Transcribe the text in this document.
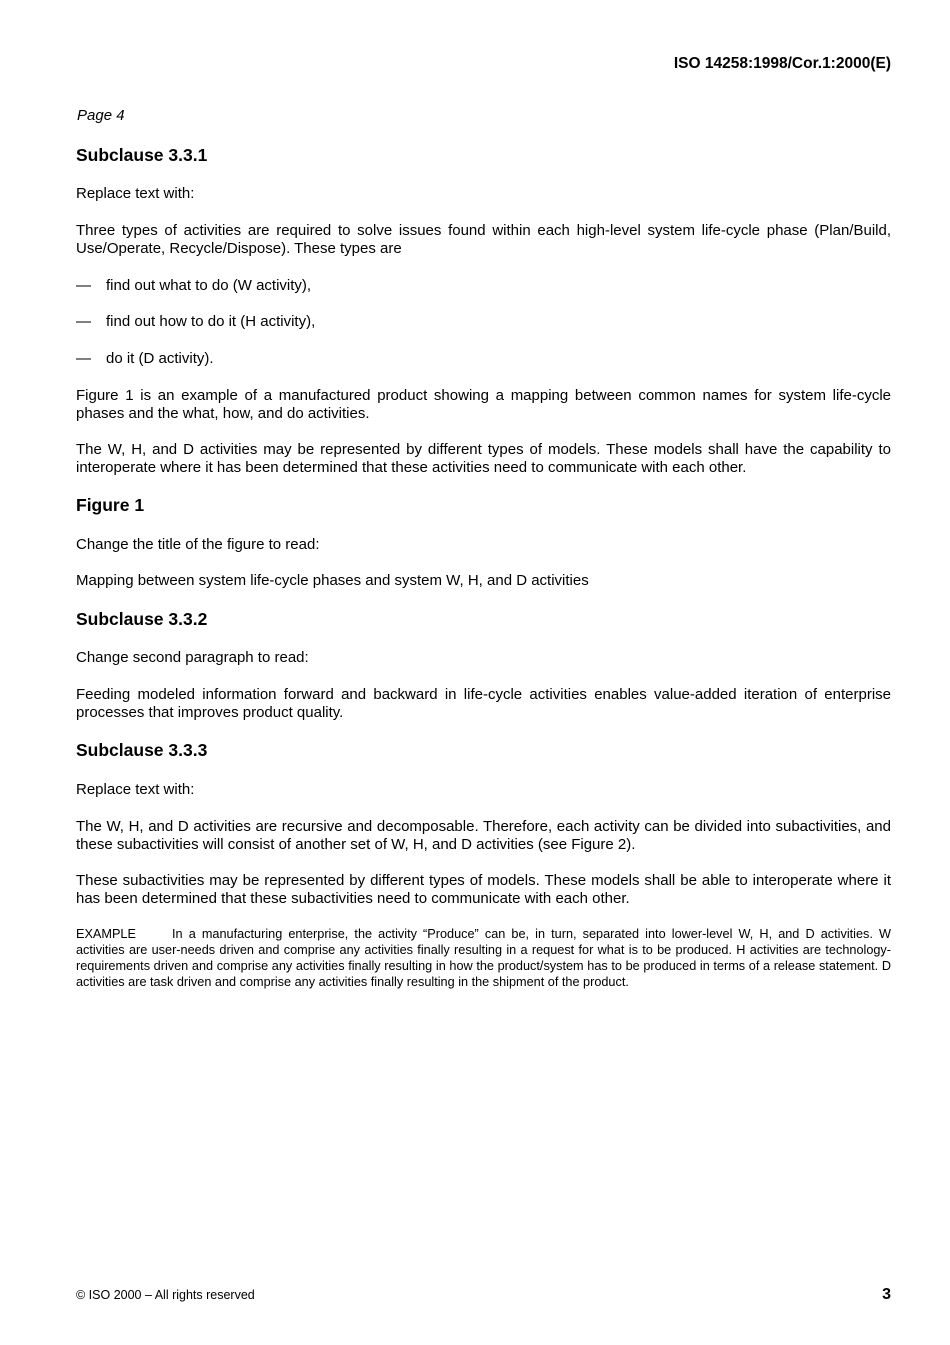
ISO 14258:1998/Cor.1:2000(E)
Page 4
Subclause 3.3.1
Replace text with:
Three types of activities are required to solve issues found within each high-level system life-cycle phase (Plan/Build, Use/Operate, Recycle/Dispose). These types are
— find out what to do (W activity),
— find out how to do it (H activity),
— do it (D activity).
Figure 1 is an example of a manufactured product showing a mapping between common names for system life-cycle phases and the what, how, and do activities.
The W, H, and D activities may be represented by different types of models. These models shall have the capability to interoperate where it has been determined that these activities need to communicate with each other.
Figure 1
Change the title of the figure to read:
Mapping between system life-cycle phases and system W, H, and D activities
Subclause 3.3.2
Change second paragraph to read:
Feeding modeled information forward and backward in life-cycle activities enables value-added iteration of enterprise processes that improves product quality.
Subclause 3.3.3
Replace text with:
The W, H, and D activities are recursive and decomposable. Therefore, each activity can be divided into subactivities, and these subactivities will consist of another set of W, H, and D activities (see Figure 2).
These subactivities may be represented by different types of models. These models shall be able to interoperate where it has been determined that these subactivities need to communicate with each other.
EXAMPLE	In a manufacturing enterprise, the activity “Produce” can be, in turn, separated into lower-level W, H, and D activities. W activities are user-needs driven and comprise any activities finally resulting in a request for what is to be produced. H activities are technology-requirements driven and comprise any activities finally resulting in how the product/system has to be produced in terms of a release statement. D activities are task driven and comprise any activities finally resulting in the shipment of the product.
© ISO 2000 – All rights reserved	3
